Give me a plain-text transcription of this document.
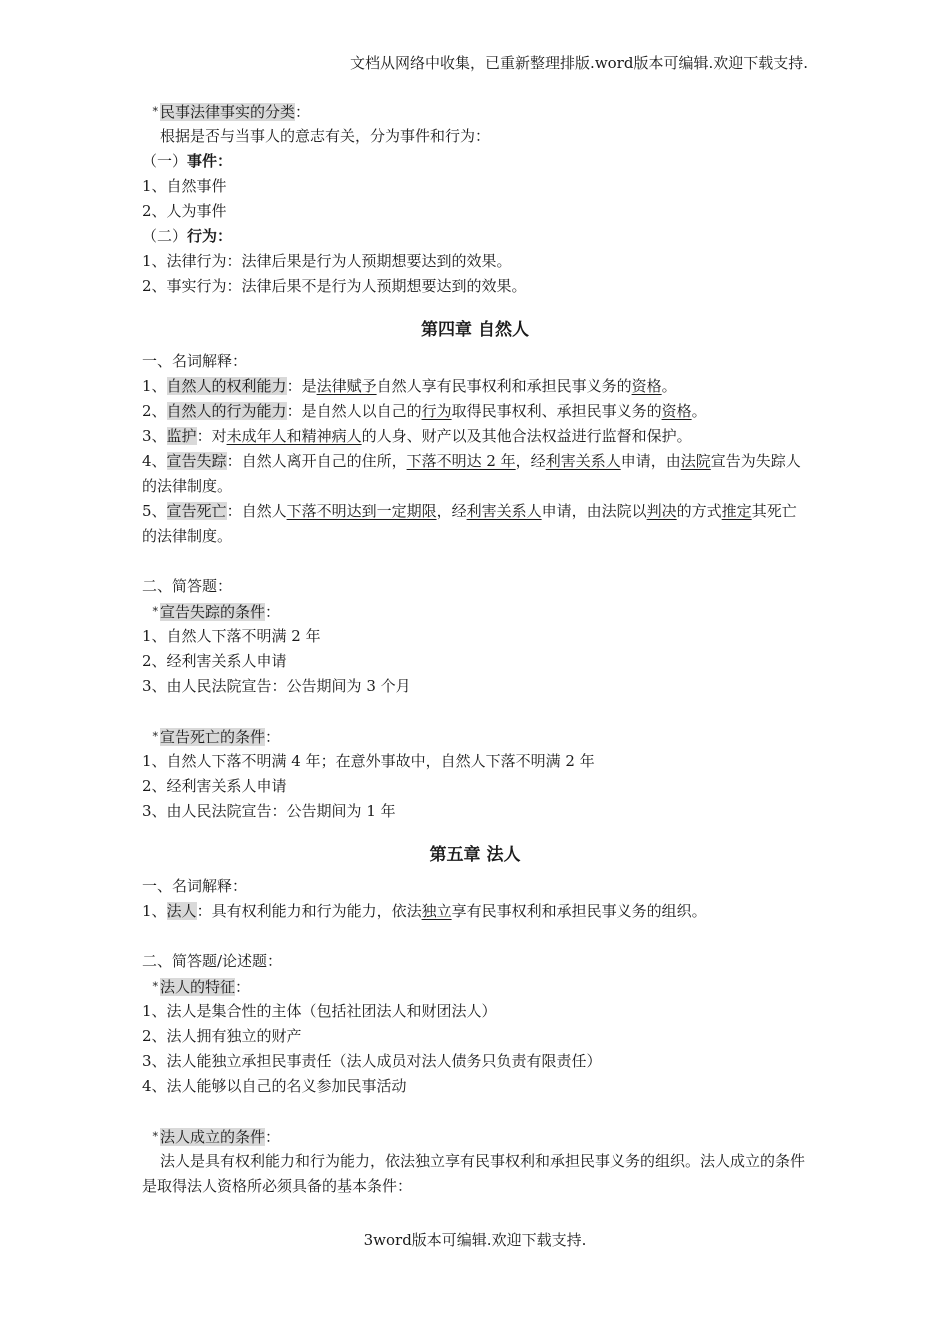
文档从网络中收集，已重新整理排版.word版本可编辑.欢迎下载支持.
* 民事法律事实的分类：
根据是否与当事人的意志有关，分为事件和行为：
（一）事件：
1、自然事件
2、人为事件
（二）行为：
1、法律行为：法律后果是行为人预期想要达到的效果。
2、事实行为：法律后果不是行为人预期想要达到的效果。
第四章 自然人
一、名词解释：
1、自然人的权利能力：是法律赋予自然人享有民事权利和承担民事义务的资格。
2、自然人的行为能力：是自然人以自己的行为取得民事权利、承担民事义务的资格。
3、监护：对未成年人和精神病人的人身、财产以及其他合法权益进行监督和保护。
4、宣告失踪：自然人离开自己的住所，下落不明达 2 年，经利害关系人申请，由法院宣告为失踪人的法律制度。
5、宣告死亡：自然人下落不明达到一定期限，经利害关系人申请，由法院以判决的方式推定其死亡的法律制度。
二、简答题：
* 宣告失踪的条件：
1、自然人下落不明满 2 年
2、经利害关系人申请
3、由人民法院宣告：公告期间为 3 个月
* 宣告死亡的条件：
1、自然人下落不明满 4 年；在意外事故中，自然人下落不明满 2 年
2、经利害关系人申请
3、由人民法院宣告：公告期间为 1 年
第五章 法人
一、名词解释：
1、法人：具有权利能力和行为能力，依法独立享有民事权利和承担民事义务的组织。
二、简答题/论述题：
* 法人的特征：
1、法人是集合性的主体（包括社团法人和财团法人）
2、法人拥有独立的财产
3、法人能独立承担民事责任（法人成员对法人债务只负责有限责任）
4、法人能够以自己的名义参加民事活动
* 法人成立的条件：
法人是具有权利能力和行为能力，依法独立享有民事权利和承担民事义务的组织。法人成立的条件是取得法人资格所必须具备的基本条件：
3word版本可编辑.欢迎下载支持.
